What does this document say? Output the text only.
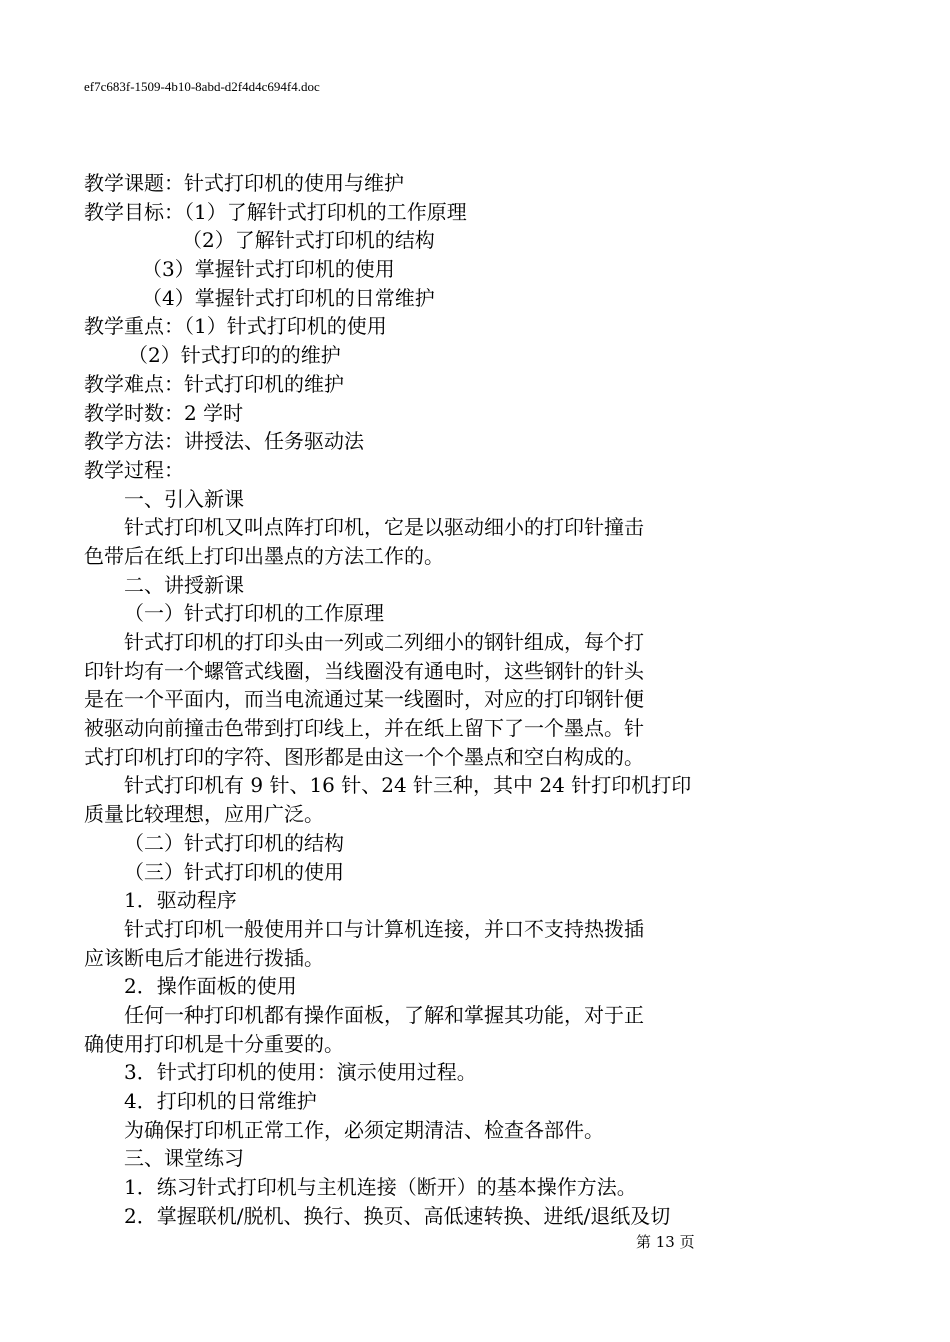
ef7c683f-1509-4b10-8abd-d2f4d4c694f4.doc
教学课题：针式打印机的使用与维护
教学目标：（1）了解针式打印机的工作原理
（2）了解针式打印机的结构
（3）掌握针式打印机的使用
（4）掌握针式打印机的日常维护
教学重点：（1）针式打印机的使用
（2）针式打印的的维护
教学难点：针式打印机的维护
教学时数：2 学时
教学方法：讲授法、任务驱动法
教学过程：
一、引入新课
针式打印机又叫点阵打印机，它是以驱动细小的打印针撞击
色带后在纸上打印出墨点的方法工作的。
二、讲授新课
（一）针式打印机的工作原理
针式打印机的打印头由一列或二列细小的钢针组成，每个打
印针均有一个螺管式线圈，当线圈没有通电时，这些钢针的针头
是在一个平面内，而当电流通过某一线圈时，对应的打印钢针便
被驱动向前撞击色带到打印线上，并在纸上留下了一个墨点。针
式打印机打印的字符、图形都是由这一个个墨点和空白构成的。
针式打印机有 9 针、16 针、24 针三种，其中 24 针打印机打印
质量比较理想，应用广泛。
（二）针式打印机的结构
（三）针式打印机的使用
1．驱动程序
针式打印机一般使用并口与计算机连接，并口不支持热拨插
应该断电后才能进行拨插。
2．操作面板的使用
任何一种打印机都有操作面板，了解和掌握其功能，对于正
确使用打印机是十分重要的。
3．针式打印机的使用：演示使用过程。
4．打印机的日常维护
为确保打印机正常工作，必须定期清洁、检查各部件。
三、课堂练习
1．练习针式打印机与主机连接（断开）的基本操作方法。
2．掌握联机/脱机、换行、换页、高低速转换、进纸/退纸及切
第 13 页
